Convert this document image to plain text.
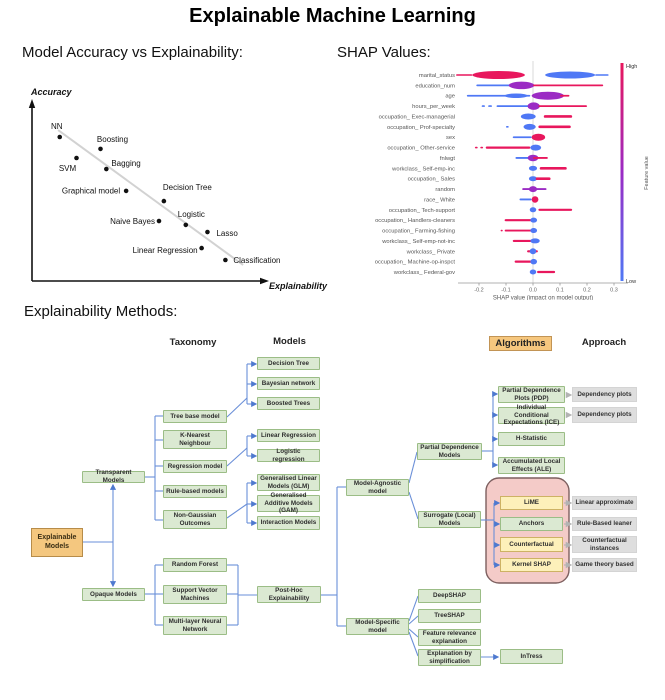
Explainable Machine Learning
Model Accuracy vs Explainability:	SHAP Values:
Accuracy
Explainability
NN
Boosting
SVM
Bagging
Graphical model	Decision Tree
Naive Bayes
Logistic
Lasso
Linear Regression
Classification
marital_status
education_num
age
hours_per_week
occupation_ Exec-managerial
occupation_ Prof-specialty
sex
occupation_ Other-service
fnlwgt
workclass_ Self-emp-inc
occupation_ Sales
random
race_ White
occupation_ Tech-support
occupation_ Handlers-cleaners
occupation_ Farming-fishing
workclass_ Self-emp-not-inc
workclass_ Private
occupation_ Machine-op-inspct
workclass_ Federal-gov
-0.2	-0.1	0.0	0.1	0.2	0.3
SHAP value (impact on model output)
High
Low
Feature value
Explainability Methods:
Taxonomy	Models	Algorithms	Approach
Explainable Models
Transparent Models
Opaque Models
Tree base model
K-Nearest Neighbour
Regression model
Rule-based models
Non-Gaussian Outcomes
Random Forest
Support Vector Machines
Multi-layer Neural Network
Decision Tree
Bayesian network
Boosted Trees
Linear Regression
Logistic regression
Generalised Linear Models (GLM)
Generalised Additive Models (GAM)
Interaction Models
Post-Hoc Explainability
Model-Agnostic model
Model-Specific model
Partial Dependence Models
Surrogate (Local) Models
DeepSHAP
TreeSHAP
Feature relevance explanation
Explanation by simplification
Partial Dependence Plots (PDP)
Individual Conditional Expectations (ICE)
H-Statistic
Accumulated Local Effects (ALE)
LiME
Anchors
Counterfactual
Kernel SHAP
InTress
Dependency plots
Dependency plots
Linear approximate
Rule-Based leaner
Counterfactual instances
Game theory based
